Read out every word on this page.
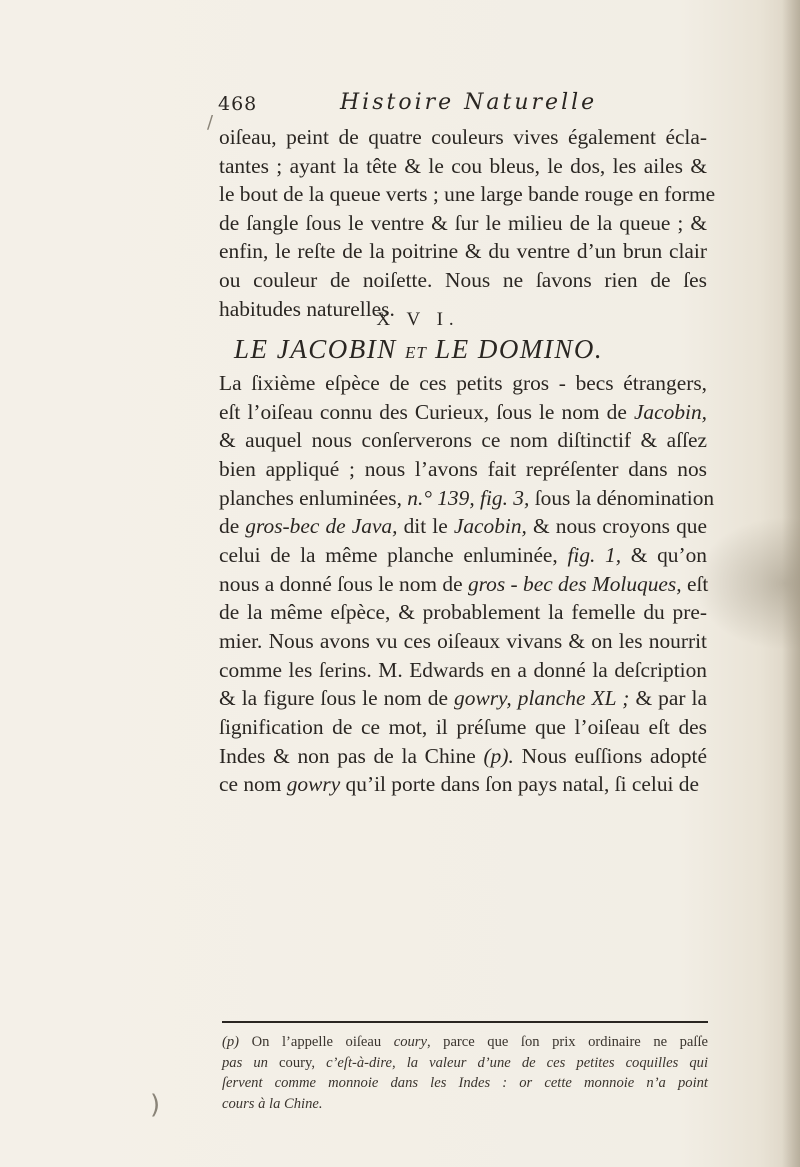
468	Histoire Naturelle
oiſeau, peint de quatre couleurs vives également écla-
tantes ; ayant la tête & le cou bleus, le dos, les ailes &
le bout de la queue verts ; une large bande rouge en forme
de ſangle ſous le ventre & ſur le milieu de la queue ; &
enfin, le reſte de la poitrine & du ventre d’un brun clair
ou couleur de noiſette. Nous ne ſavons rien de ſes
habitudes naturelles.
X V I.
LE JACOBIN ET LE DOMINO.
La ſixième eſpèce de ces petits gros - becs étrangers,
eſt l’oiſeau connu des Curieux, ſous le nom de Jacobin,
& auquel nous conſerverons ce nom diſtinctif & aſſez
bien appliqué ; nous l’avons fait repréſenter dans nos
planches enluminées, n.° 139, fig. 3, ſous la dénomination
de gros-bec de Java, dit le Jacobin, & nous croyons que
celui de la même planche enluminée, fig. 1, & qu’on
nous a donné ſous le nom de gros - bec des Moluques, eſt
de la même eſpèce, & probablement la femelle du pre-
mier. Nous avons vu ces oiſeaux vivans & on les nourrit
comme les ſerins. M. Edwards en a donné la deſcription
& la figure ſous le nom de gowry, planche XL ; & par la
ſignification de ce mot, il préſume que l’oiſeau eſt des
Indes & non pas de la Chine (p). Nous euſſions adopté
ce nom gowry qu’il porte dans ſon pays natal, ſi celui de
(p) On l’appelle oiſeau coury, parce que ſon prix ordinaire ne paſſe
pas un coury, c’eſt-à-dire, la valeur d’une de ces petites coquilles qui
ſervent comme monnoie dans les Indes : or cette monnoie n’a point
cours à la Chine.
/
)
